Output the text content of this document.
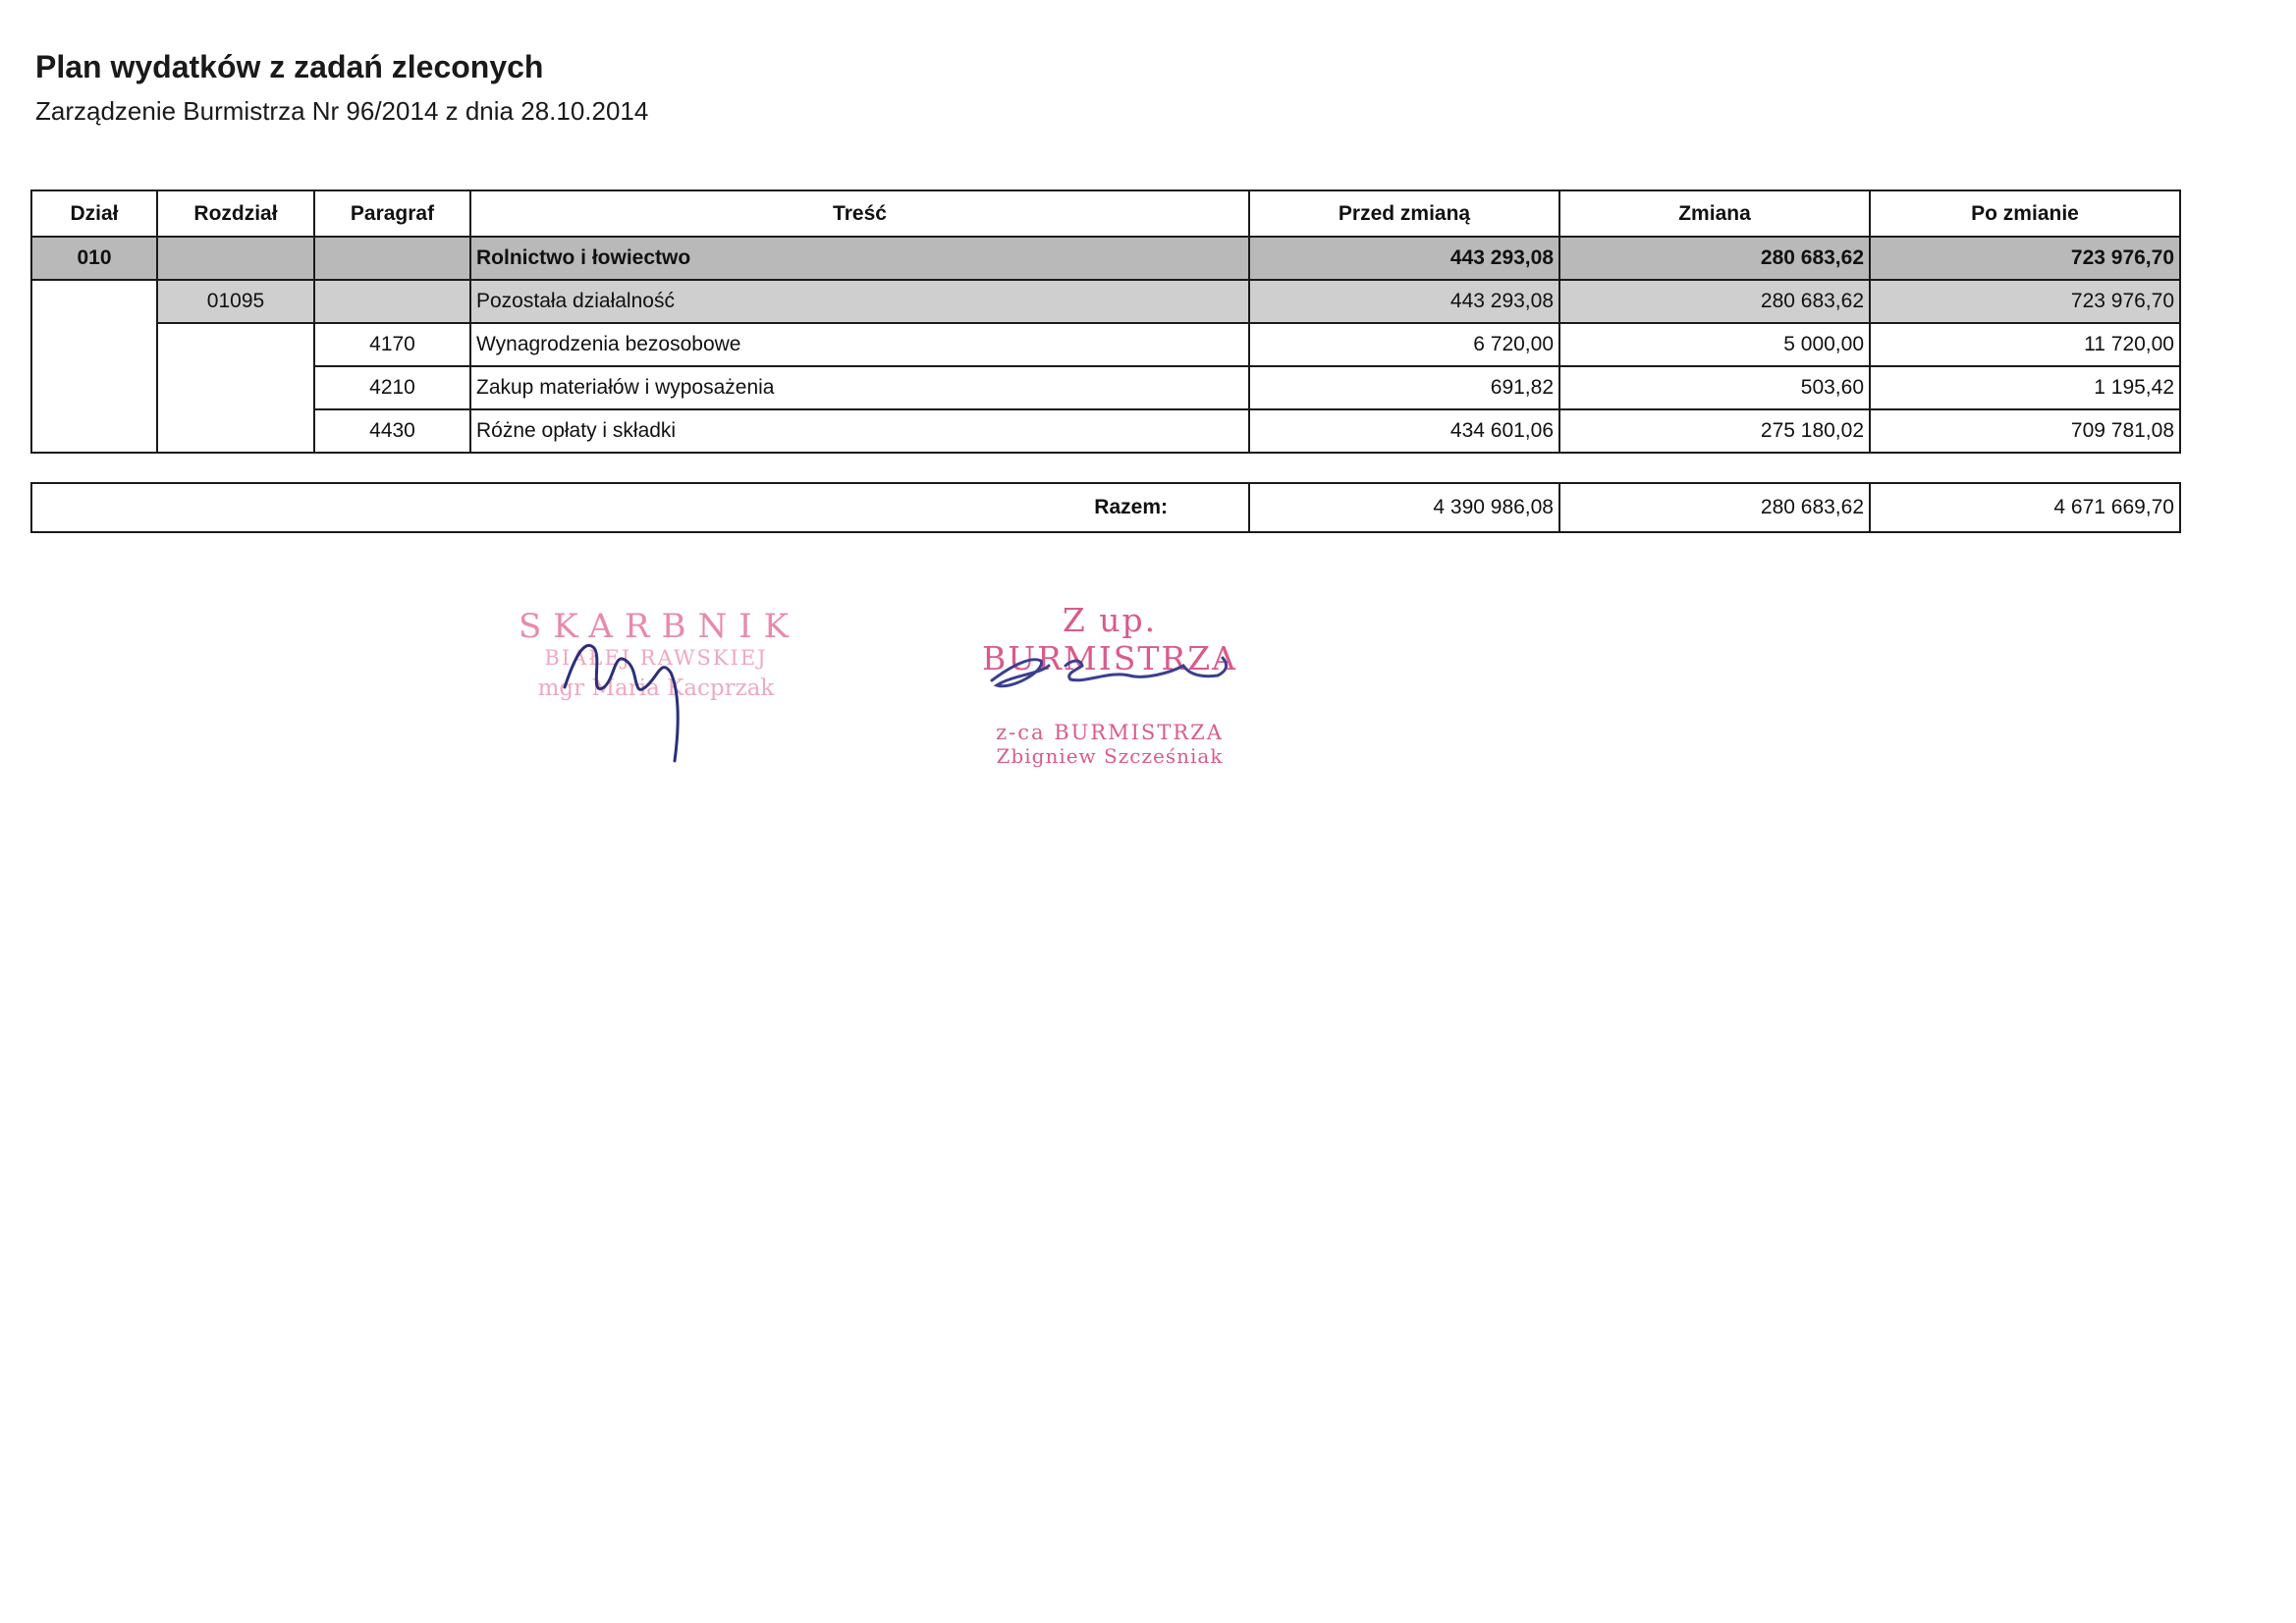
Plan wydatków z zadań zleconych
Zarządzenie Burmistrza Nr 96/2014 z dnia 28.10.2014
Dział	Rozdział	Paragraf	Treść	Przed zmianą	Zmiana	Po zmianie
010			Rolnictwo i łowiectwo	443 293,08	280 683,62	723 976,70
	01095		Pozostała działalność	443 293,08	280 683,62	723 976,70
		4170	Wynagrodzenia bezosobowe	6 720,00	5 000,00	11 720,00
		4210	Zakup materiałów i wyposażenia	691,82	503,60	1 195,42
		4430	Różne opłaty i składki	434 601,06	275 180,02	709 781,08
Razem:	4 390 986,08	280 683,62	4 671 669,70
SKARBNIK
BIAŁEJ RAWSKIEJ
mgr Maria Kacprzak
Z up. BURMISTRZA
z-ca BURMISTRZA
Zbigniew Szcześniak
